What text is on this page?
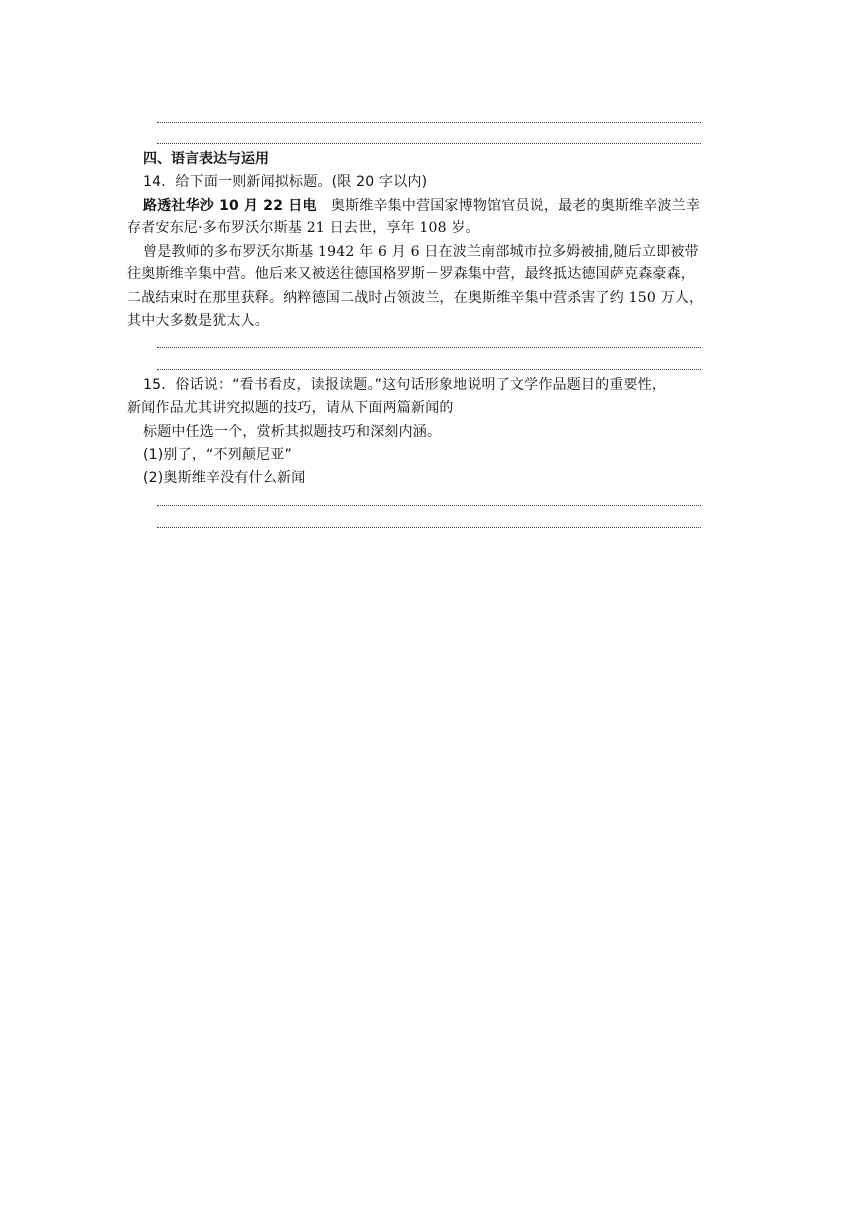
四、语言表达与运用
14．给下面一则新闻拟标题。(限 20 字以内)
路透社华沙 10 月 22 日电　 奥斯维辛集中营国家博物馆官员说，最老的奥斯维辛波兰幸
存者安东尼·多布罗沃尔斯基 21 日去世，享年 108 岁。
曾是教师的多布罗沃尔斯基 1942 年 6 月 6 日在波兰南部城市拉多姆被捕,随后立即被带
往奥斯维辛集中营。他后来又被送往德国格罗斯－罗森集中营，最终抵达德国萨克森豪森，
二战结束时在那里获释。纳粹德国二战时占领波兰，在奥斯维辛集中营杀害了约 150 万人，
其中大多数是犹太人。
15．俗话说：“看书看皮，读报读题。”这句话形象地说明了文学作品题目的重要性，
新闻作品尤其讲究拟题的技巧，请从下面两篇新闻的
标题中任选一个，赏析其拟题技巧和深刻内涵。
(1)别了，“不列颠尼亚”
(2)奥斯维辛没有什么新闻
